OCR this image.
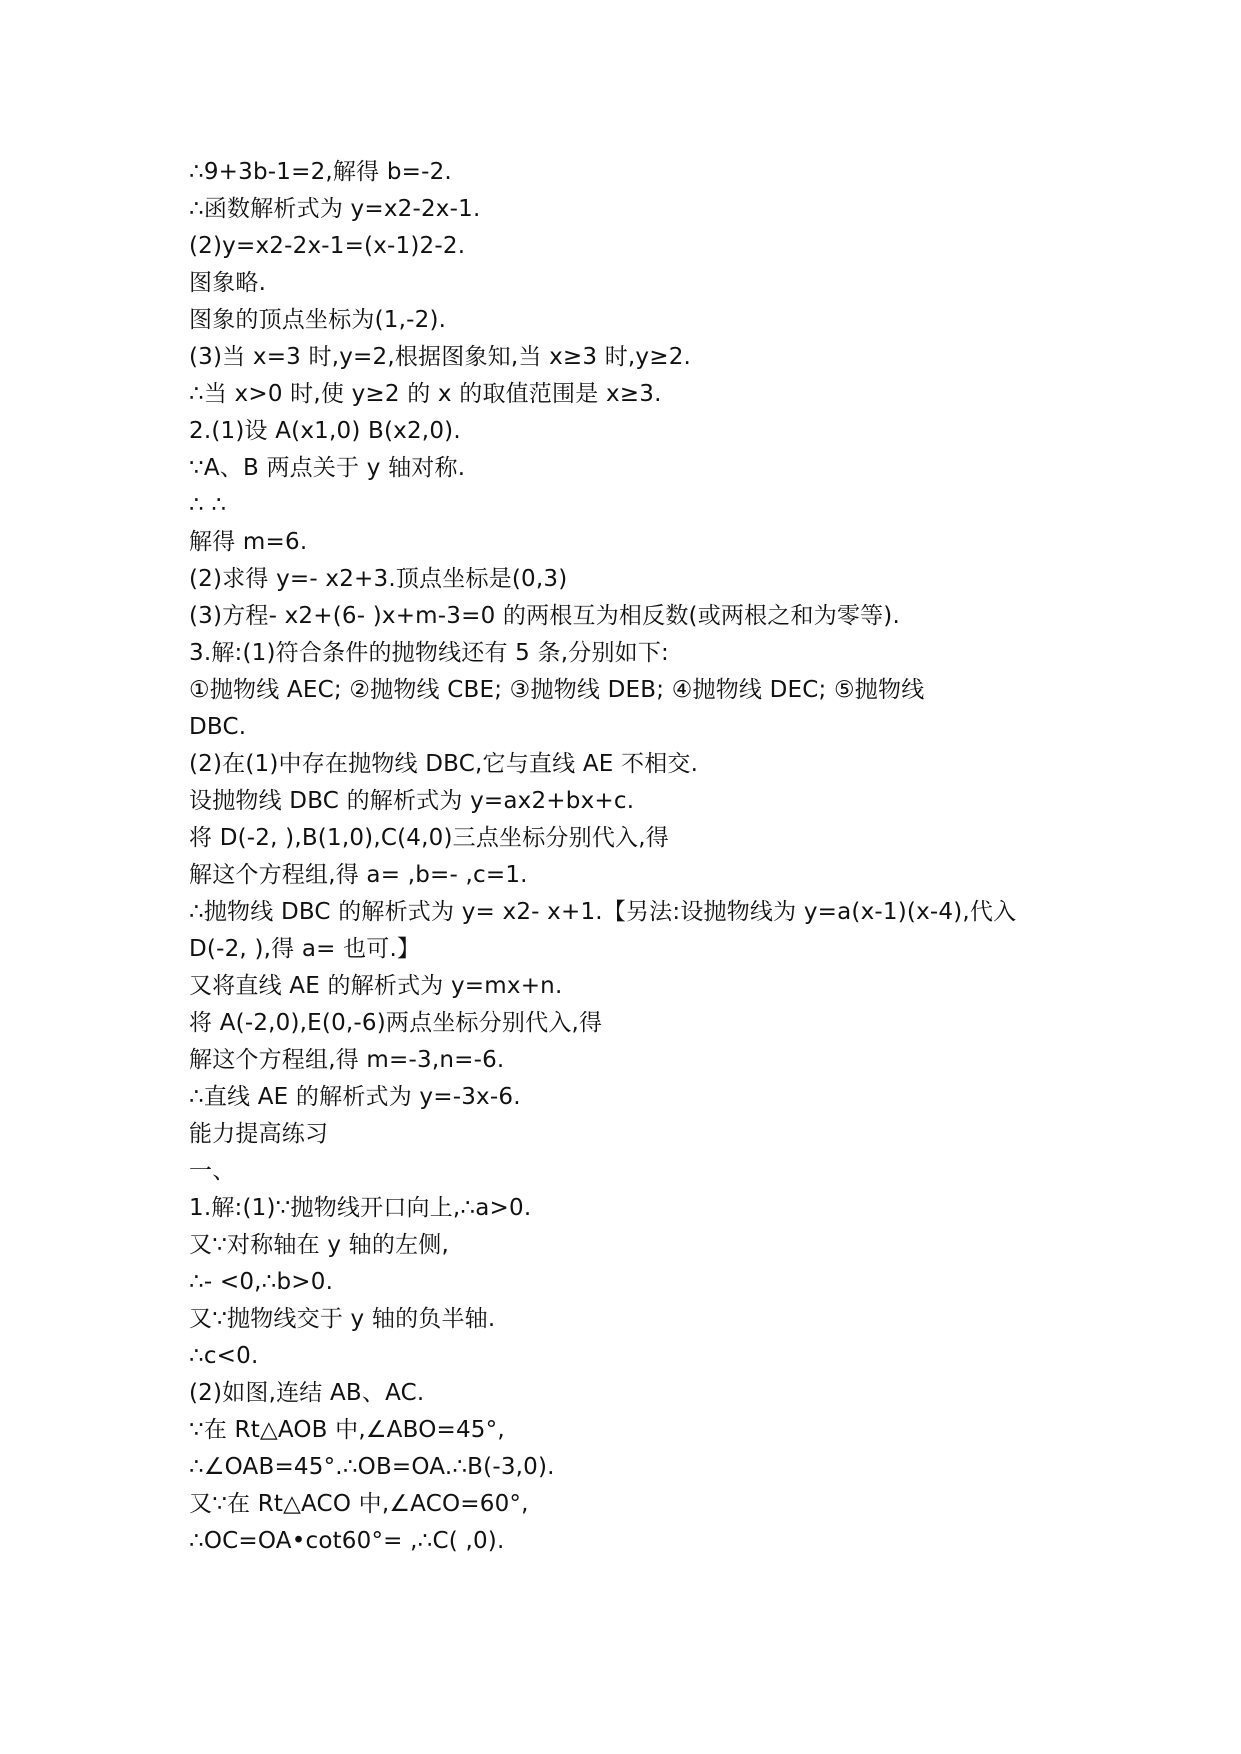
∴9+3b-1=2,解得 b=-2.
∴函数解析式为 y=x2-2x-1.
(2)y=x2-2x-1=(x-1)2-2.
图象略.
图象的顶点坐标为(1,-2).
(3)当 x=3 时,y=2,根据图象知,当 x≥3 时,y≥2.
∴当 x>0 时,使 y≥2 的 x 的取值范围是 x≥3.
2.(1)设 A(x1,0) B(x2,0).
∵A、B 两点关于 y 轴对称.
∴ ∴
解得 m=6.
(2)求得 y=- x2+3.顶点坐标是(0,3)
(3)方程- x2+(6- )x+m-3=0 的两根互为相反数(或两根之和为零等).
3.解:(1)符合条件的抛物线还有 5 条,分别如下:
①抛物线 AEC; ②抛物线 CBE; ③抛物线 DEB; ④抛物线 DEC; ⑤抛物线
DBC.
(2)在(1)中存在抛物线 DBC,它与直线 AE 不相交.
设抛物线 DBC 的解析式为 y=ax2+bx+c.
将 D(-2, ),B(1,0),C(4,0)三点坐标分别代入,得
解这个方程组,得 a= ,b=- ,c=1.
∴抛物线 DBC 的解析式为 y= x2- x+1.【另法:设抛物线为 y=a(x-1)(x-4),代入
D(-2, ),得 a= 也可.】
又将直线 AE 的解析式为 y=mx+n.
将 A(-2,0),E(0,-6)两点坐标分别代入,得
解这个方程组,得 m=-3,n=-6.
∴直线 AE 的解析式为 y=-3x-6.
能力提高练习
一、
1.解:(1)∵抛物线开口向上,∴a>0.
又∵对称轴在 y 轴的左侧,
∴- <0,∴b>0.
又∵抛物线交于 y 轴的负半轴.
∴c<0.
(2)如图,连结 AB、AC.
∵在 Rt△AOB 中,∠ABO=45°,
∴∠OAB=45°.∴OB=OA.∴B(-3,0).
又∵在 Rt△ACO 中,∠ACO=60°,
∴OC=OA•cot60°= ,∴C( ,0).
